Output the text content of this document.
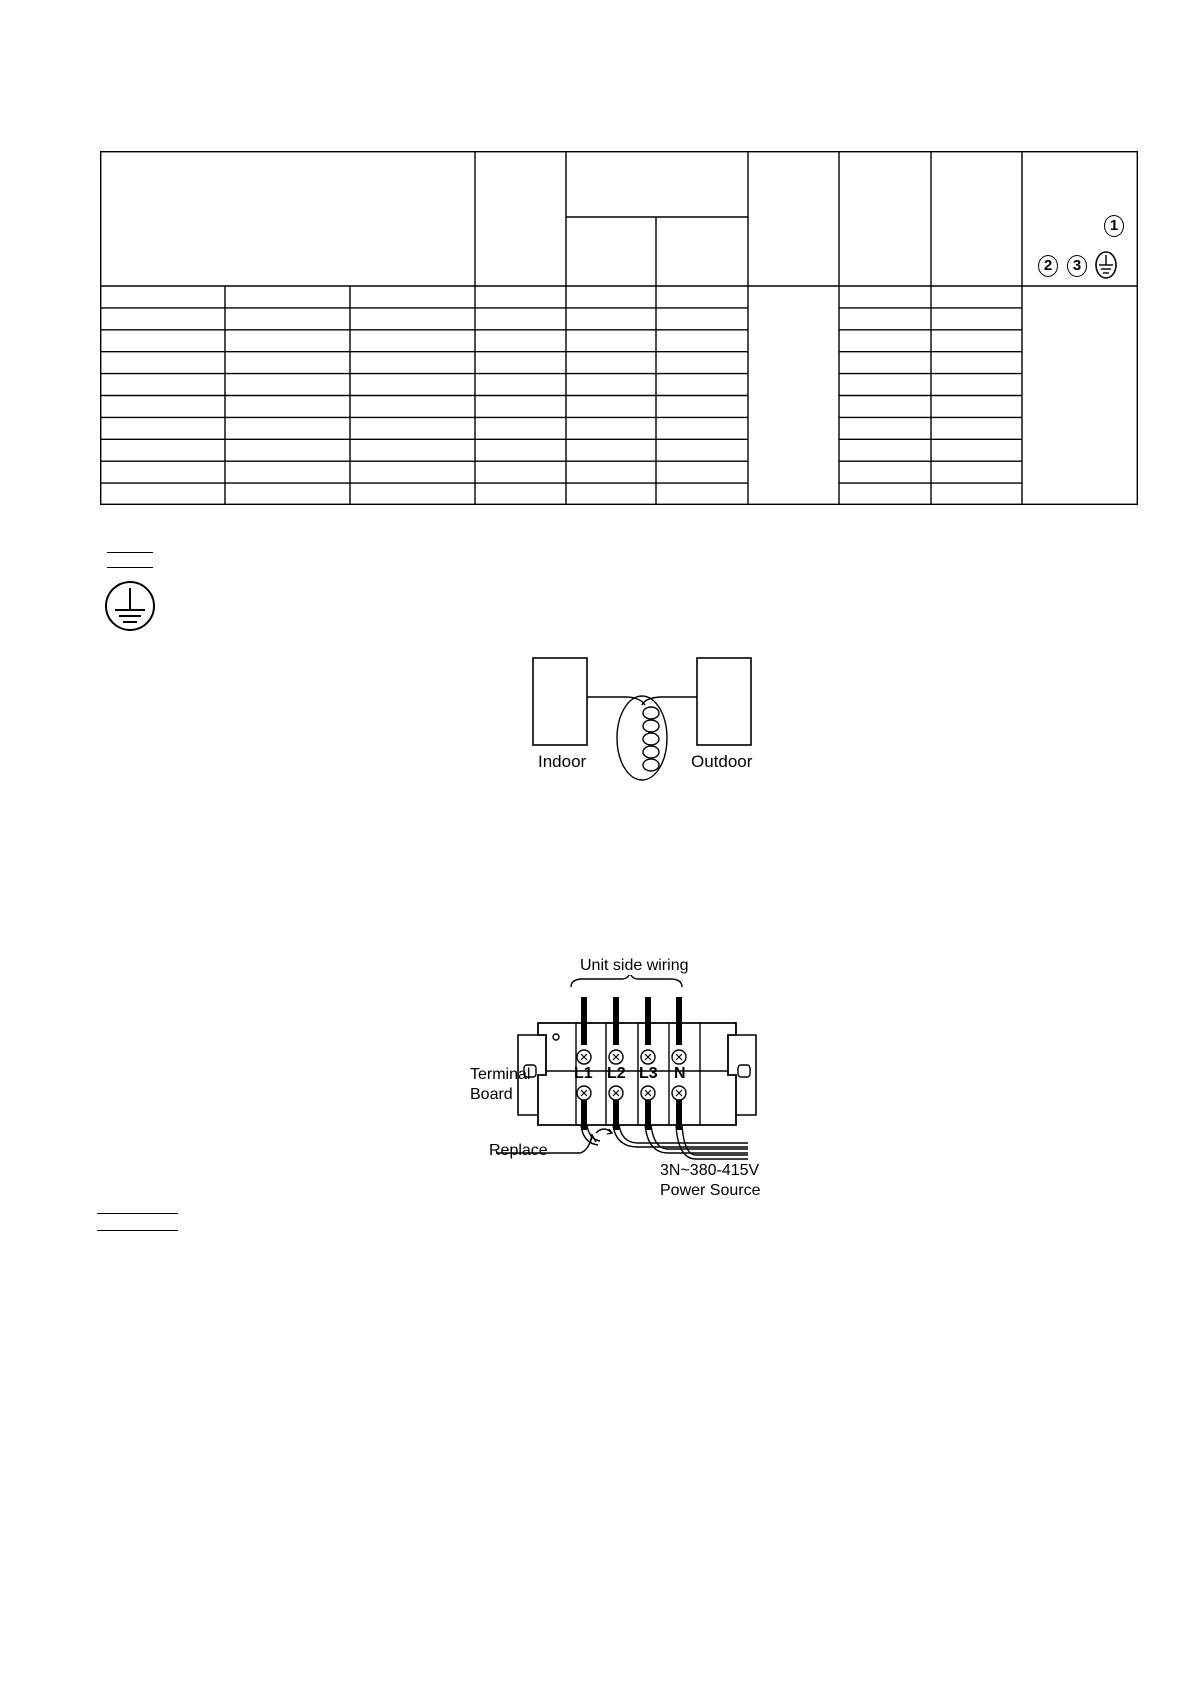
1
2	3
Indoor	Outdoor
Unit side wiring
Terminal
Board
Replace
3N~380-415V
Power Source
L1 L2 L3 N
